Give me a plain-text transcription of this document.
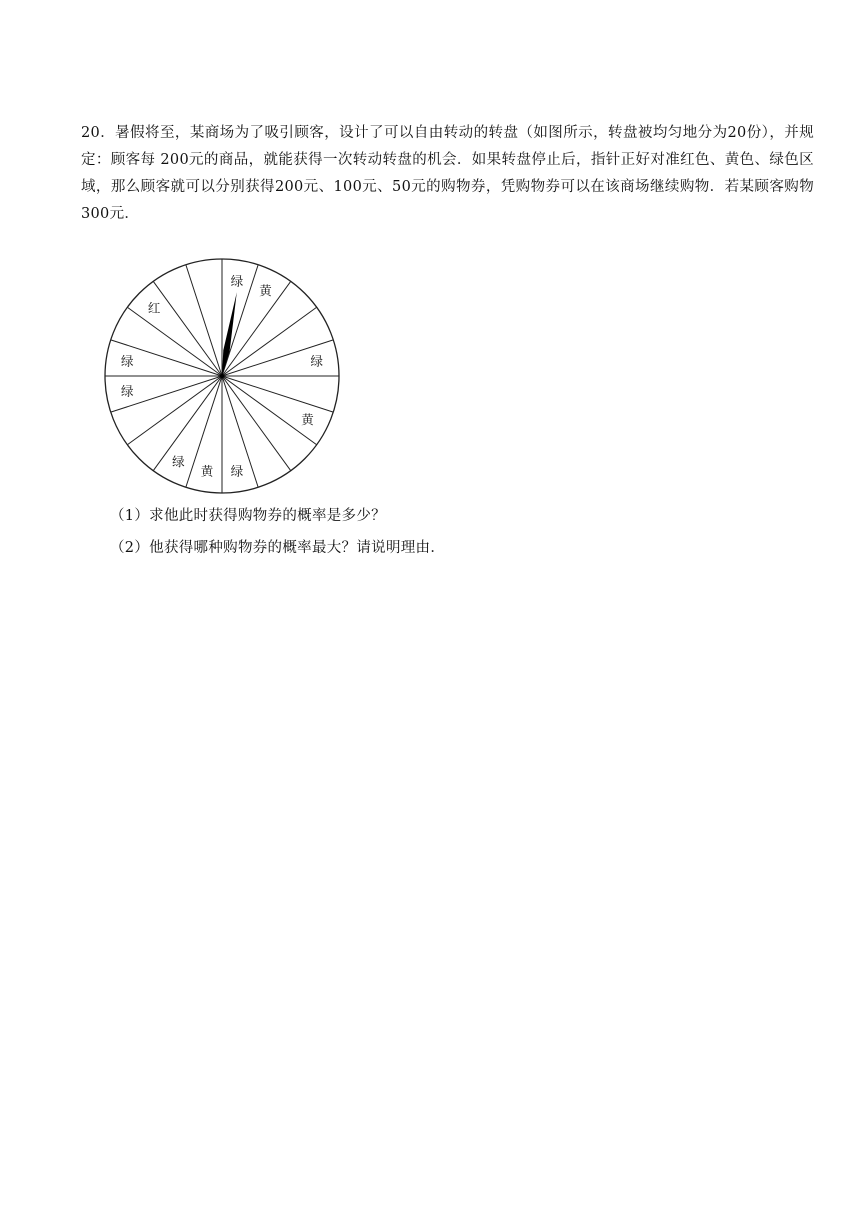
20．暑假将至，某商场为了吸引顾客，设计了可以自由转动的转盘（如图所示，转盘被均匀地分为20份），并规定：顾客每 200元的商品，就能获得一次转动转盘的机会．如果转盘停止后，指针正好对准红色、黄色、绿色区域，那么顾客就可以分别获得200元、100元、50元的购物券，凭购物券可以在该商场继续购物．若某顾客购物300元．

绿
黄
绿
黄
绿
黄
绿
绿
绿
红
（1）求他此时获得购物券的概率是多少？
（2）他获得哪种购物券的概率最大？请说明理由．
